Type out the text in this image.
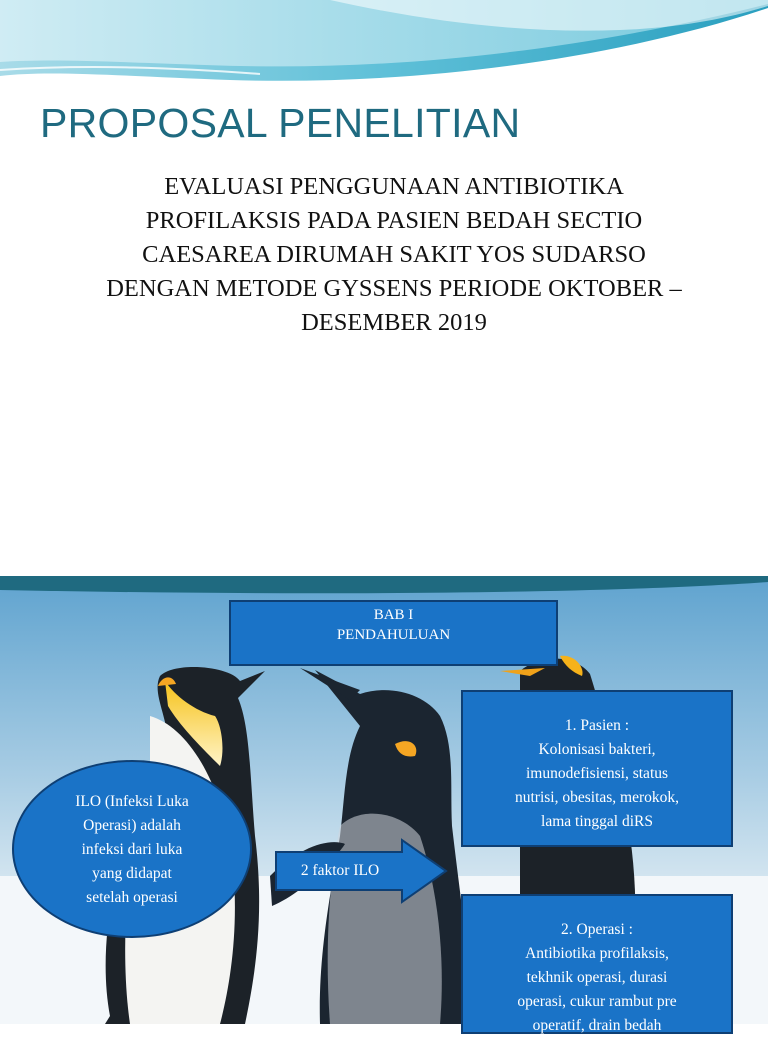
PROPOSAL PENELITIAN
EVALUASI PENGGUNAAN ANTIBIOTIKA
PROFILAKSIS PADA PASIEN BEDAH SECTIO
CAESAREA DIRUMAH SAKIT YOS SUDARSO
DENGAN METODE GYSSENS PERIODE OKTOBER –
DESEMBER 2019
BAB I
PENDAHULUAN
1. Pasien :
Kolonisasi bakteri,
imunodefisiensi, status
nutrisi, obesitas, merokok,
lama tinggal diRS
ILO (Infeksi Luka
Operasi) adalah
infeksi dari luka
yang didapat
setelah operasi
2 faktor ILO
2. Operasi :
Antibiotika profilaksis,
tekhnik operasi, durasi
operasi, cukur rambut pre
operatif, drain bedah
